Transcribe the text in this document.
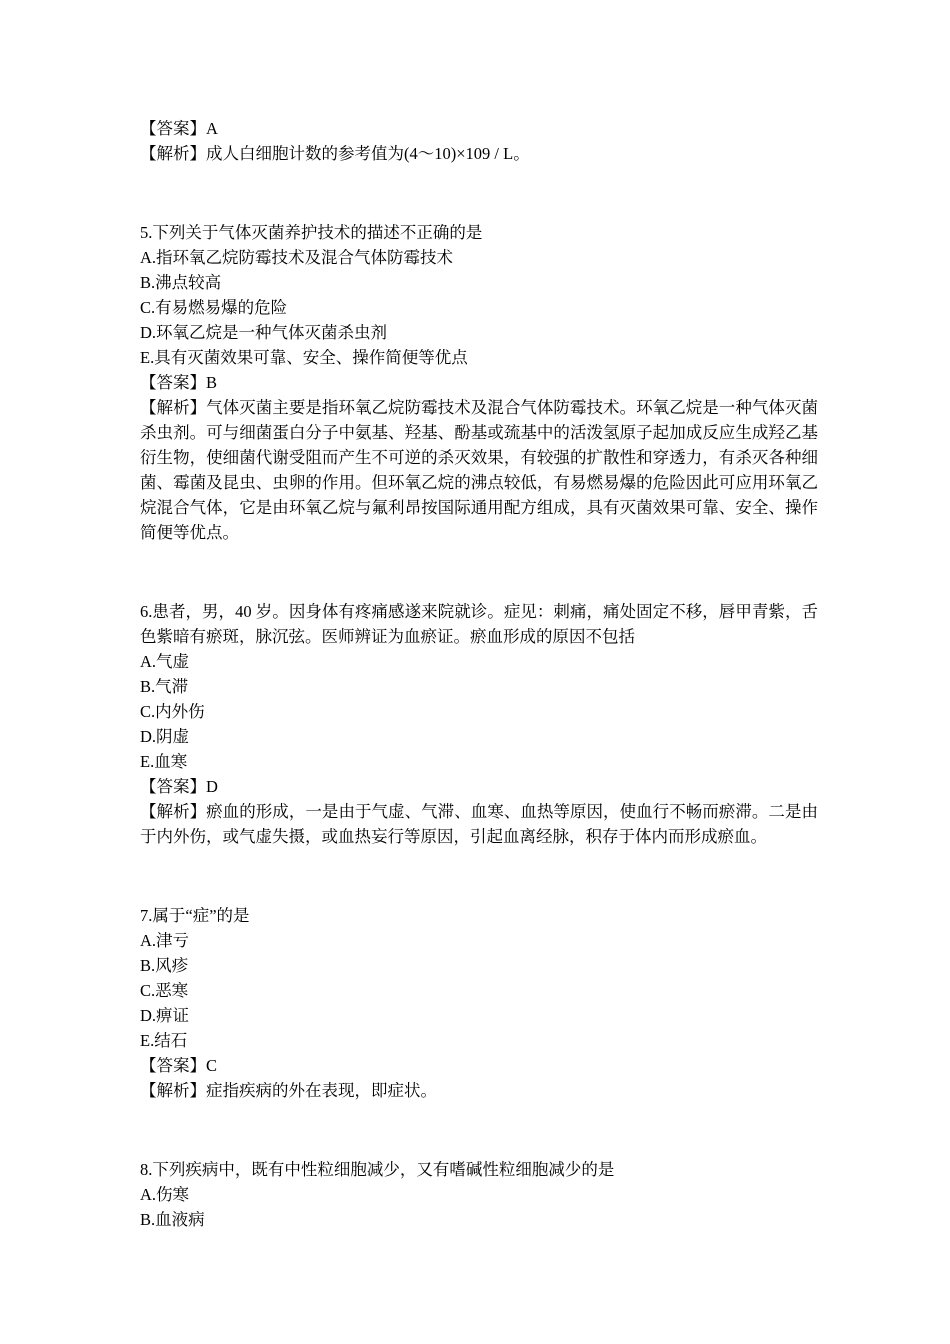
【答案】A

【解析】成人白细胞计数的参考值为(4～10)×109 / L。

5.下列关于气体灭菌养护技术的描述不正确的是

A.指环氧乙烷防霉技术及混合气体防霉技术

B.沸点较高

C.有易燃易爆的危险

D.环氧乙烷是一种气体灭菌杀虫剂

E.具有灭菌效果可靠、安全、操作简便等优点

【答案】B

【解析】气体灭菌主要是指环氧乙烷防霉技术及混合气体防霉技术。环氧乙烷是一种气体灭菌杀虫剂。可与细菌蛋白分子中氨基、羟基、酚基或巯基中的活泼氢原子起加成反应生成羟乙基衍生物，使细菌代谢受阻而产生不可逆的杀灭效果，有较强的扩散性和穿透力，有杀灭各种细菌、霉菌及昆虫、虫卵的作用。但环氧乙烷的沸点较低，有易燃易爆的危险因此可应用环氧乙烷混合气体，它是由环氧乙烷与氟利昂按国际通用配方组成，具有灭菌效果可靠、安全、操作简便等优点。

6.患者，男，40 岁。因身体有疼痛感遂来院就诊。症见：刺痛，痛处固定不移，唇甲青紫，舌色紫暗有瘀斑，脉沉弦。医师辨证为血瘀证。瘀血形成的原因不包括

A.气虚

B.气滞

C.内外伤

D.阴虚

E.血寒

【答案】D

【解析】瘀血的形成，一是由于气虚、气滞、血寒、血热等原因，使血行不畅而瘀滞。二是由于内外伤，或气虚失摄，或血热妄行等原因，引起血离经脉，积存于体内而形成瘀血。

7.属于“症”的是

A.津亏

B.风疹

C.恶寒

D.痹证

E.结石

【答案】C

【解析】症指疾病的外在表现，即症状。

8.下列疾病中，既有中性粒细胞减少，又有嗜碱性粒细胞减少的是

A.伤寒

B.血液病
